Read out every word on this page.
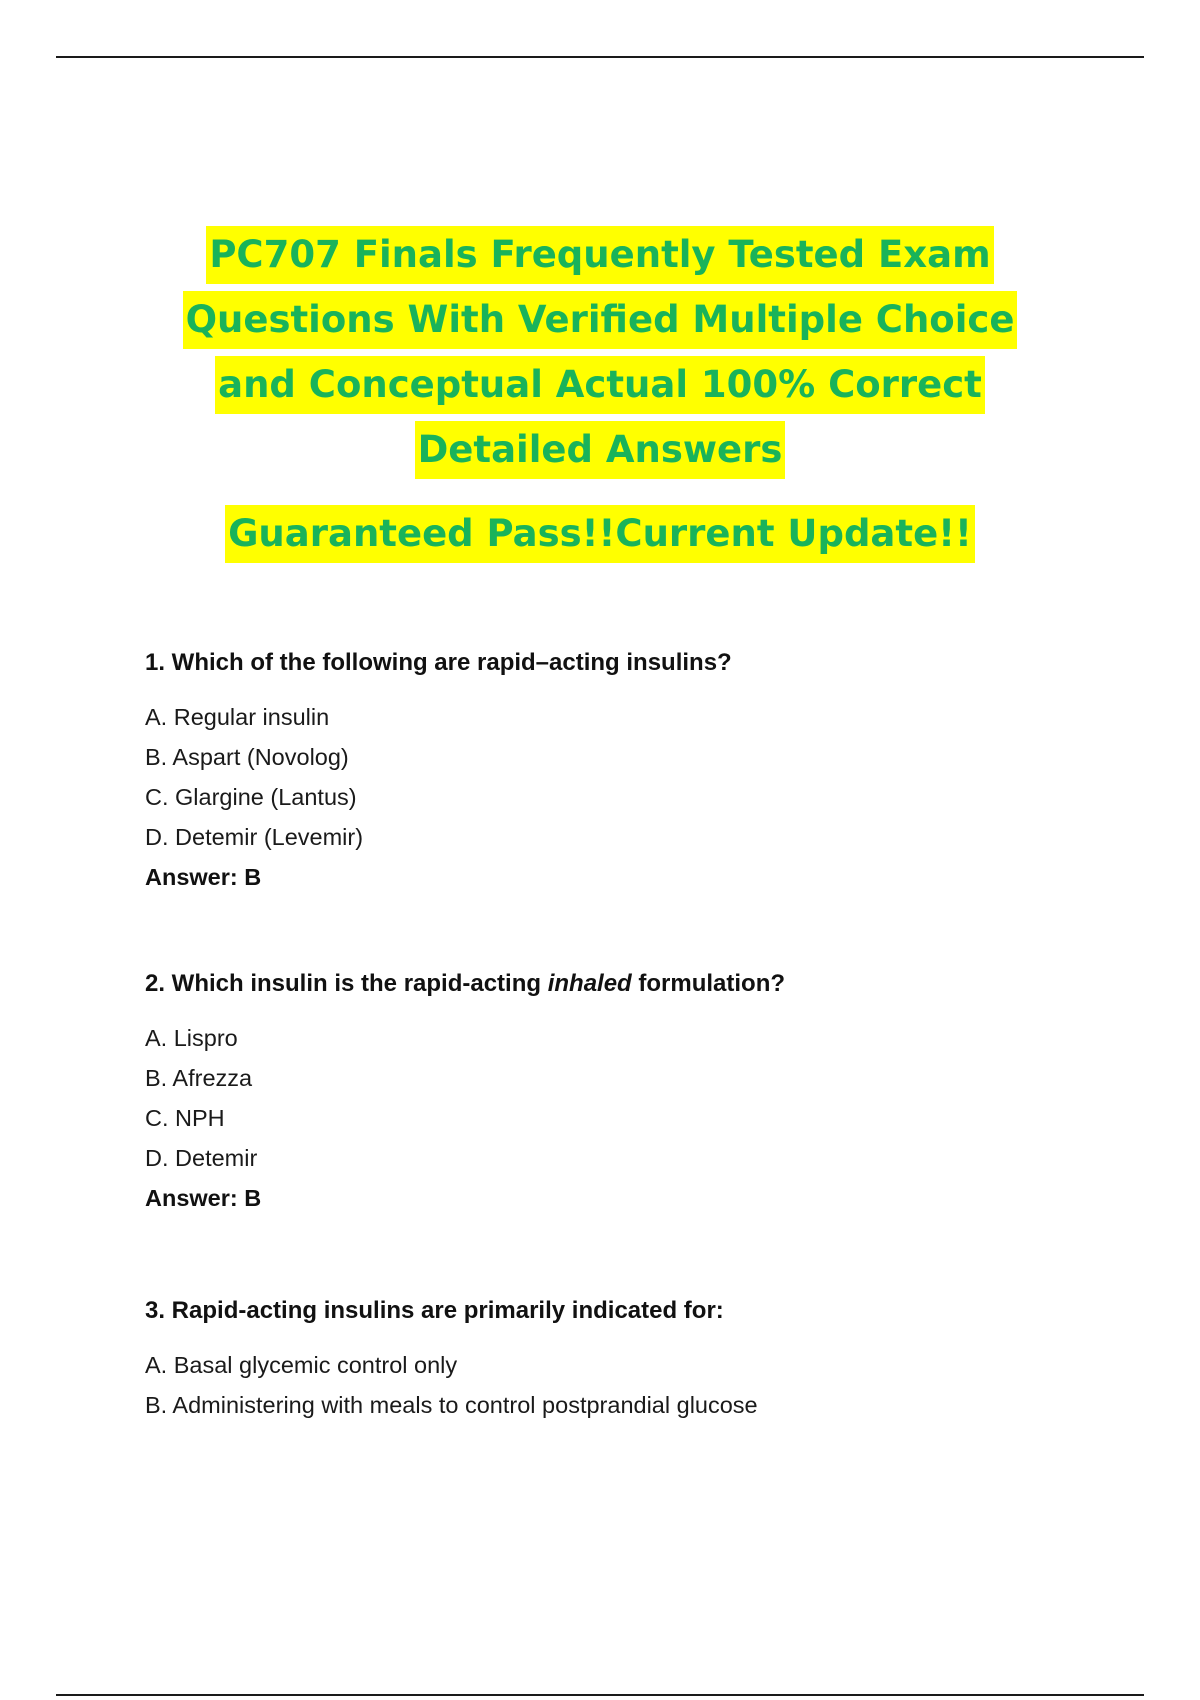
PC707 Finals Frequently Tested Exam
Questions With Verified Multiple Choice
and Conceptual Actual 100% Correct
Detailed Answers
Guaranteed Pass!!Current Update!!
1. Which of the following are rapid–acting insulins?
A. Regular insulin
B. Aspart (Novolog)
C. Glargine (Lantus)
D. Detemir (Levemir)
Answer: B
2. Which insulin is the rapid-acting inhaled formulation?
A. Lispro
B. Afrezza
C. NPH
D. Detemir
Answer: B
3. Rapid-acting insulins are primarily indicated for:
A. Basal glycemic control only
B. Administering with meals to control postprandial glucose
